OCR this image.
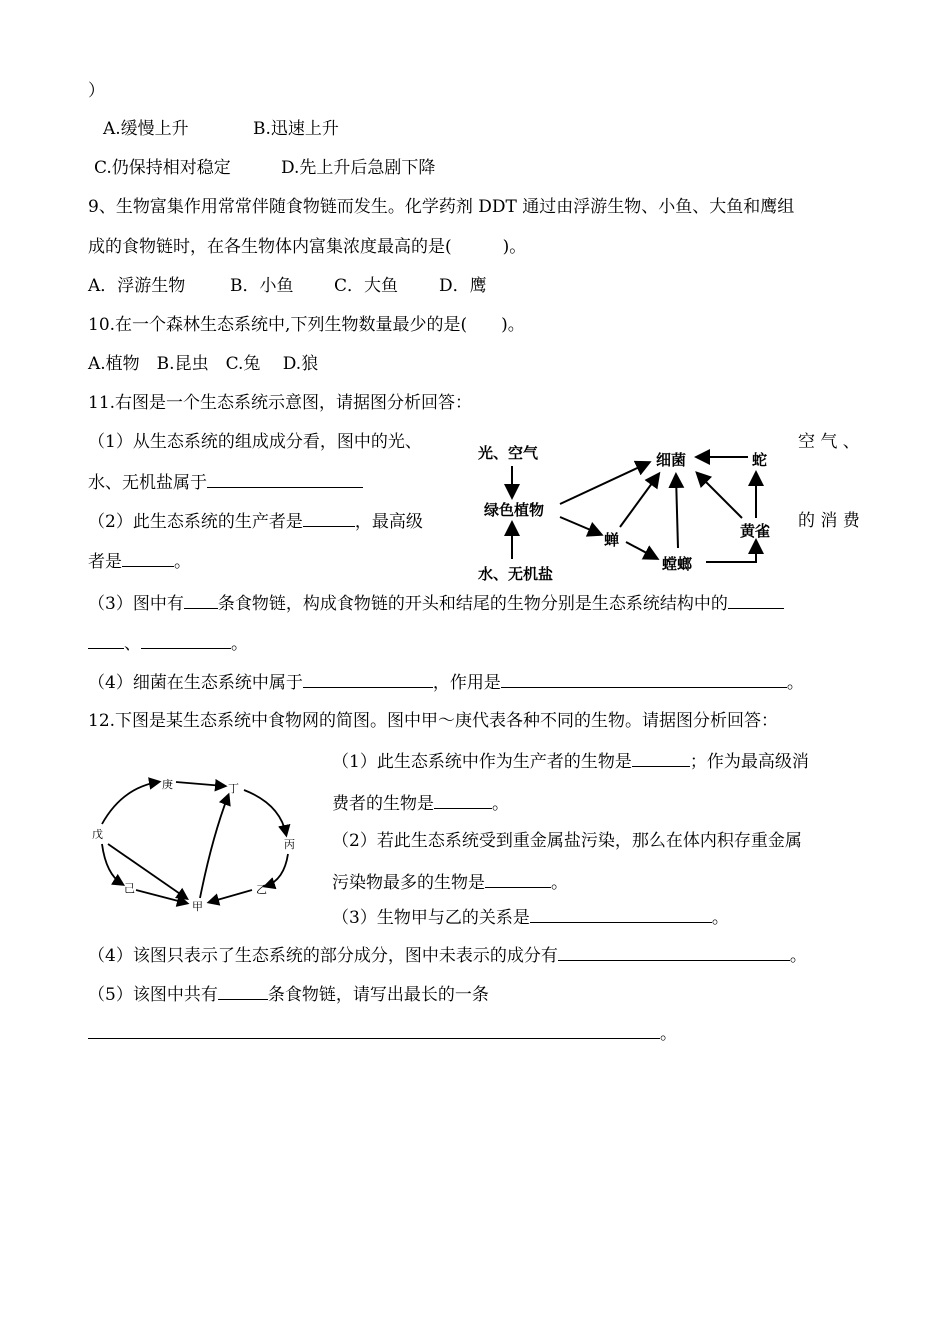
）
A.缓慢上升	B.迅速上升
C.仍保持相对稳定	D.先上升后急剧下降
9、生物富集作用常常伴随食物链而发生。化学药剂 DDT 通过由浮游生物、小鱼、大鱼和鹰组
成的食物链时，在各生物体内富集浓度最高的是(　　　)。
A．浮游生物	B．小鱼 C．大鱼 D．鹰
10.在一个森林生态系统中,下列生物数量最少的是(　　)。
A.植物　B.昆虫　C.兔　 D.狼
11.右图是一个生态系统示意图，请据图分析回答：
（1）从生态系统的组成成分看，图中的光、	空 气 、
水、无机盐属于
（2）此生态系统的生产者是	，最高级	的 消 费
者是	。
（3）图中有 条食物链，构成食物链的开头和结尾的生物分别是生态系统结构中的
、	。
（4）细菌在生态系统中属于	，作用是	。
光、空气
绿色植物
水、无机盐
细菌	蛇
蝉
螳螂
黄雀
12.下图是某生态系统中食物网的简图。图中甲～庚代表各种不同的生物。请据图分析回答：
（1）此生态系统中作为生产者的生物是	；作为最高级消
费者的生物是	。
（2）若此生态系统受到重金属盐污染，那么在体内积存重金属
污染物最多的生物是	。
（3）生物甲与乙的关系是	。
（4）该图只表示了生态系统的部分成分，图中未表示的成分有	。
（5）该图中共有	条食物链，请写出最长的一条
。
戊
庚	丁
丙
乙
甲
己
